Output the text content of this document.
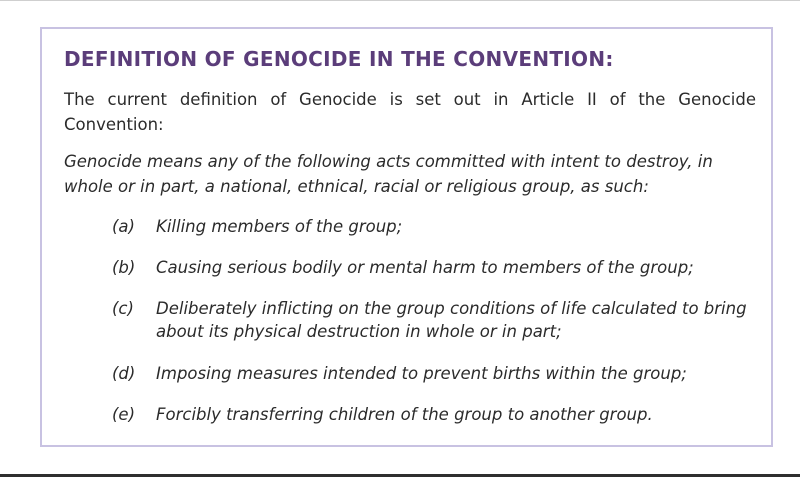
DEFINITION OF GENOCIDE IN THE CONVENTION:

The current definition of Genocide is set out in Article II of the Genocide Convention:

Genocide means any of the following acts committed with intent to destroy, in whole or in part, a national, ethnical, racial or religious group, as such:

(a)	Killing members of the group;
(b)	Causing serious bodily or mental harm to members of the group;
(c)	Deliberately inflicting on the group conditions of life calculated to bring about its physical destruction in whole or in part;
(d)	Imposing measures intended to prevent births within the group;
(e)	Forcibly transferring children of the group to another group.
